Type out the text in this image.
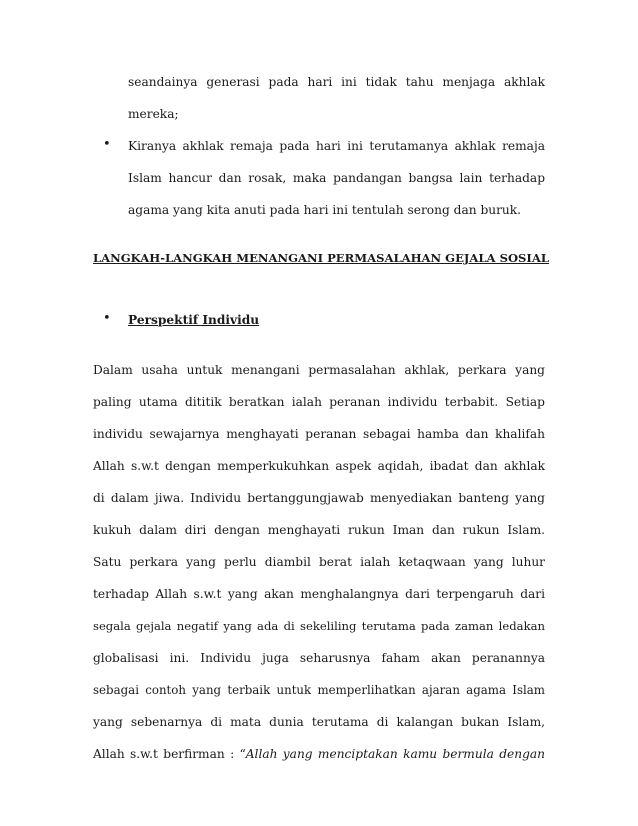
seandainya generasi pada hari ini tidak tahu menjaga akhlak
mereka;
• Kiranya akhlak remaja pada hari ini terutamanya akhlak remaja
Islam hancur dan rosak, maka pandangan bangsa lain terhadap
agama yang kita anuti pada hari ini tentulah serong dan buruk.
LANGKAH-LANGKAH MENANGANI PERMASALAHAN GEJALA SOSIAL
• Perspektif Individu
Dalam usaha untuk menangani permasalahan akhlak, perkara yang
paling utama dititik beratkan ialah peranan individu terbabit. Setiap
individu sewajarnya menghayati peranan sebagai hamba dan khalifah
Allah s.w.t dengan memperkukuhkan aspek aqidah, ibadat dan akhlak
di dalam jiwa. Individu bertanggungjawab menyediakan banteng yang
kukuh dalam diri dengan menghayati rukun Iman dan rukun Islam.
Satu perkara yang perlu diambil berat ialah ketaqwaan yang luhur
terhadap Allah s.w.t yang akan menghalangnya dari terpengaruh dari
segala gejala negatif yang ada di sekeliling terutama pada zaman ledakan
globalisasi ini. Individu juga seharusnya faham akan peranannya
sebagai contoh yang terbaik untuk memperlihatkan ajaran agama Islam
yang sebenarnya di mata dunia terutama di kalangan bukan Islam,
Allah s.w.t berfirman : “Allah yang menciptakan kamu bermula dengan
